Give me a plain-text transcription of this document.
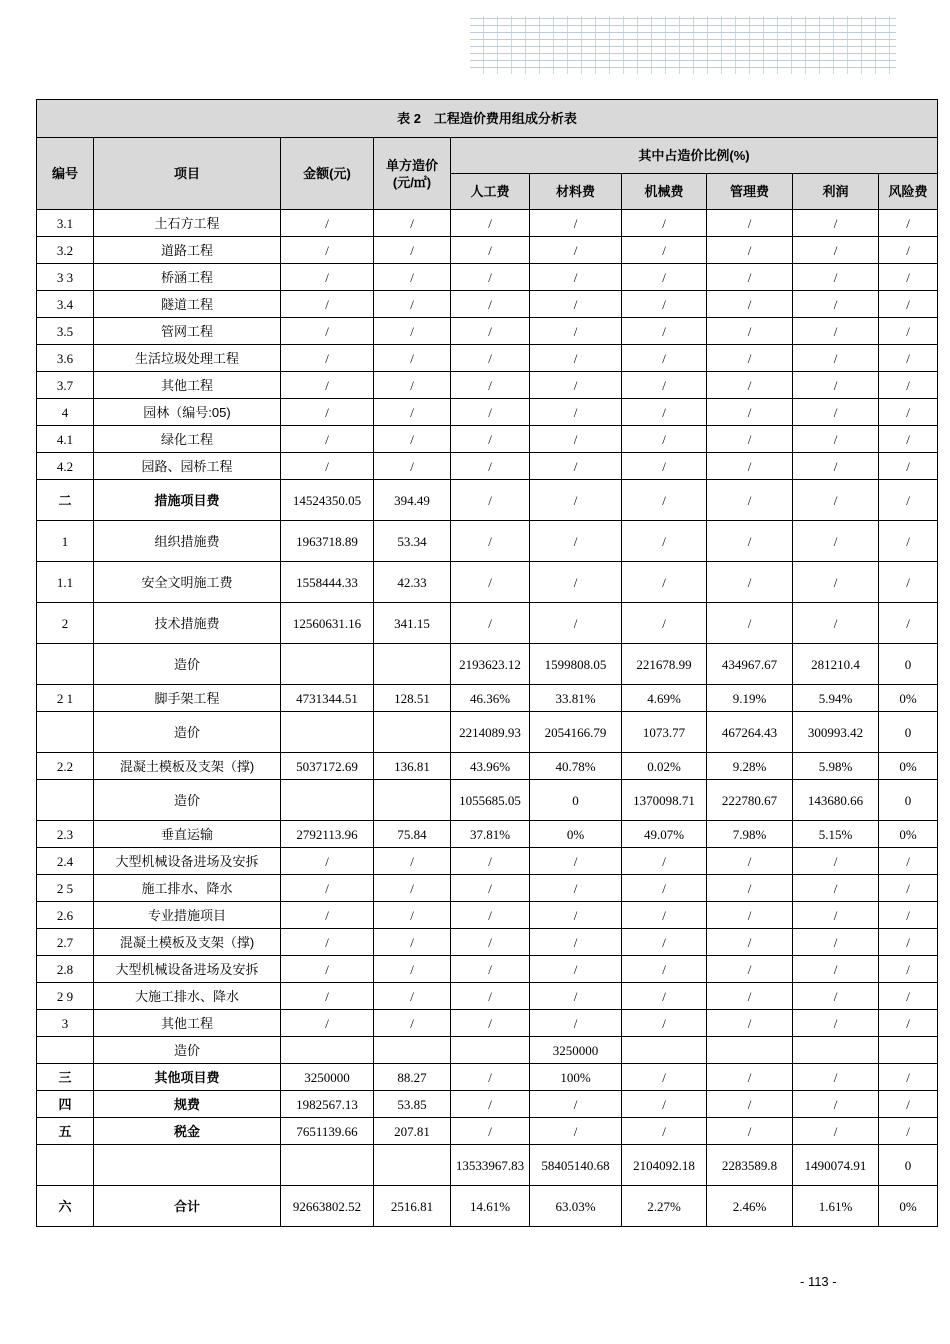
表 2　工程造价费用组成分析表									
编号	项目	金额(元)	单方造价(元/㎡)	其中占造价比例(%)					
				人工费	材料费	机械费	管理费	利润	风险费
3.1	土石方工程	/	/	/	/	/	/	/	/
3.2	道路工程	/	/	/	/	/	/	/	/
3 3	桥涵工程	/	/	/	/	/	/	/	/
3.4	隧道工程	/	/	/	/	/	/	/	/
3.5	管网工程	/	/	/	/	/	/	/	/
3.6	生活垃圾处理工程	/	/	/	/	/	/	/	/
3.7	其他工程	/	/	/	/	/	/	/	/
4	园林（编号:05)	/	/	/	/	/	/	/	/
4.1	绿化工程	/	/	/	/	/	/	/	/
4.2	园路、园桥工程	/	/	/	/	/	/	/	/
二	措施项目费	14524350.05	394.49	/	/	/	/	/	/
1	组织措施费	1963718.89	53.34	/	/	/	/	/	/
1.1	安全文明施工费	1558444.33	42.33	/	/	/	/	/	/
2	技术措施费	12560631.16	341.15	/	/	/	/	/	/
	造价			2193623.12	1599808.05	221678.99	434967.67	281210.4	0
2 1	脚手架工程	4731344.51	128.51	46.36%	33.81%	4.69%	9.19%	5.94%	0%
	造价			2214089.93	2054166.79	1073.77	467264.43	300993.42	0
2.2	混凝土模板及支架（撑)	5037172.69	136.81	43.96%	40.78%	0.02%	9.28%	5.98%	0%
	造价			1055685.05	0	1370098.71	222780.67	143680.66	0
2.3	垂直运输	2792113.96	75.84	37.81%	0%	49.07%	7.98%	5.15%	0%
2.4	大型机械设备进场及安拆	/	/	/	/	/	/	/	/
2 5	施工排水、降水	/	/	/	/	/	/	/	/
2.6	专业措施项目	/	/	/	/	/	/	/	/
2.7	混凝土模板及支架（撑)	/	/	/	/	/	/	/	/
2.8	大型机械设备进场及安拆	/	/	/	/	/	/	/	/
2 9	大施工排水、降水	/	/	/	/	/	/	/	/
3	其他工程	/	/	/	/	/	/	/	/
	造价				3250000				
三	其他项目费	3250000	88.27	/	100%	/	/	/	/
四	规费	1982567.13	53.85	/	/	/	/	/	/
五	税金	7651139.66	207.81	/	/	/	/	/	/
				13533967.83	58405140.68	2104092.18	2283589.8	1490074.91	0
六	合计	92663802.52	2516.81	14.61%	63.03%	2.27%	2.46%	1.61%	0%
- 113 -
